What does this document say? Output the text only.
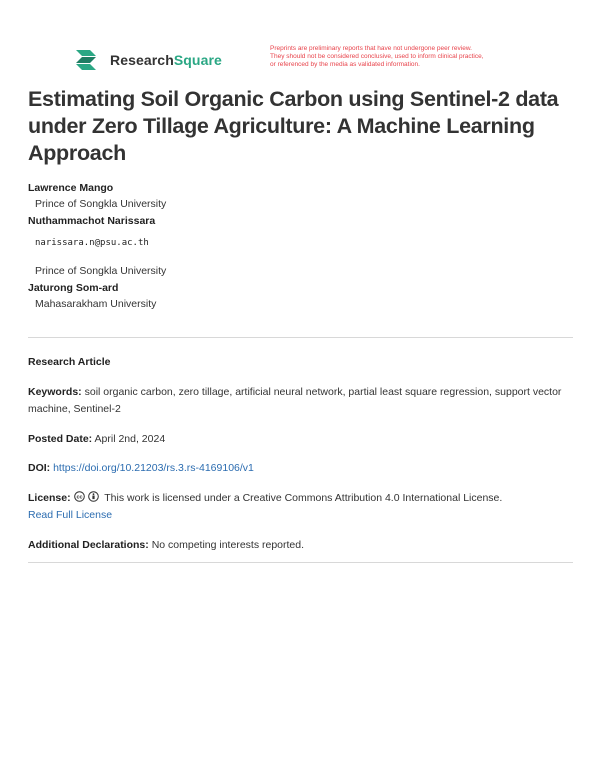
ResearchSquare
Preprints are preliminary reports that have not undergone peer review.
They should not be considered conclusive, used to inform clinical practice,
or referenced by the media as validated information.
Estimating Soil Organic Carbon using Sentinel-2 data under Zero Tillage Agriculture: A Machine Learning Approach
Lawrence Mango
Prince of Songkla University
Nuthammachot Narissara
narissara.n@psu.ac.th
Prince of Songkla University
Jaturong Som-ard
Mahasarakham University
Research Article
Keywords: soil organic carbon, zero tillage, artificial neural network, partial least square regression, support vector machine, Sentinel-2
Posted Date: April 2nd, 2024
DOI: https://doi.org/10.21203/rs.3.rs-4169106/v1
License: cc This work is licensed under a Creative Commons Attribution 4.0 International License.
Read Full License
Additional Declarations: No competing interests reported.
